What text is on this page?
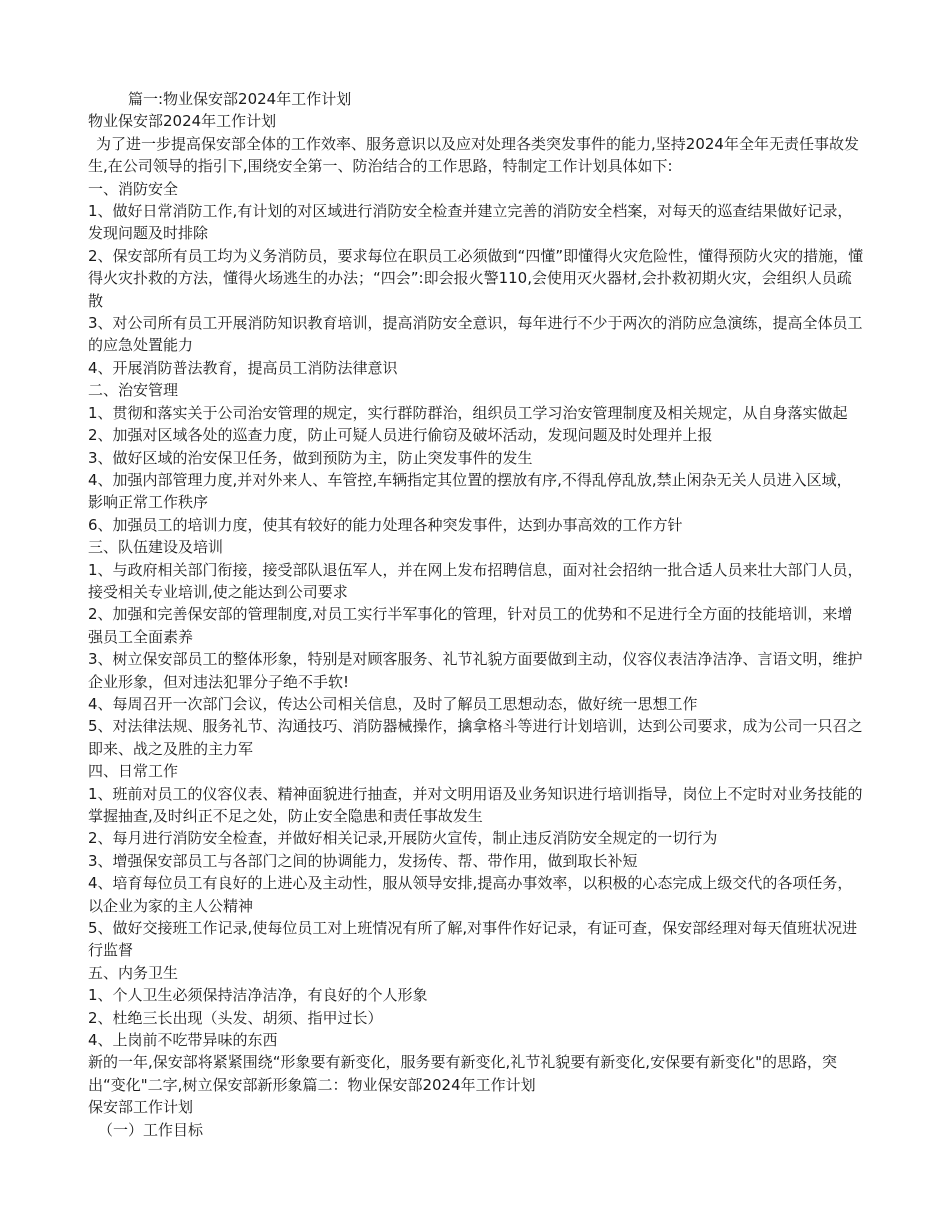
篇一:物业保安部2024年工作计划

物业保安部2024年工作计划

为了进一步提高保安部全体的工作效率、服务意识以及应对处理各类突发事件的能力,坚持2024年全年无责任事故发生,在公司领导的指引下,围绕安全第一、防治结合的工作思路，特制定工作计划具体如下:

一、消防安全

1、做好日常消防工作,有计划的对区域进行消防安全检查并建立完善的消防安全档案，对每天的巡查结果做好记录，发现问题及时排除

2、保安部所有员工均为义务消防员，要求每位在职员工必须做到“四懂”即懂得火灾危险性，懂得预防火灾的措施，懂得火灾扑救的方法，懂得火场逃生的办法；“四会”:即会报火警110,会使用灭火器材,会扑救初期火灾，会组织人员疏散

3、对公司所有员工开展消防知识教育培训，提高消防安全意识，每年进行不少于两次的消防应急演练，提高全体员工的应急处置能力

4、开展消防普法教育，提高员工消防法律意识

二、治安管理

1、贯彻和落实关于公司治安管理的规定，实行群防群治，组织员工学习治安管理制度及相关规定，从自身落实做起2、加强对区域各处的巡查力度，防止可疑人员进行偷窃及破坏活动，发现问题及时处理并上报

3、做好区域的治安保卫任务，做到预防为主，防止突发事件的发生

4、加强内部管理力度,并对外来人、车管控,车辆指定其位置的摆放有序,不得乱停乱放,禁止闲杂无关人员进入区域，影响正常工作秩序

6、加强员工的培训力度，使其有较好的能力处理各种突发事件，达到办事高效的工作方针

三、队伍建设及培训

1、与政府相关部门衔接，接受部队退伍军人，并在网上发布招聘信息，面对社会招纳一批合适人员来壮大部门人员，接受相关专业培训,使之能达到公司要求

2、加强和完善保安部的管理制度,对员工实行半军事化的管理，针对员工的优势和不足进行全方面的技能培训，来增强员工全面素养

3、树立保安部员工的整体形象，特别是对顾客服务、礼节礼貌方面要做到主动，仪容仪表洁净洁净、言语文明，维护企业形象，但对违法犯罪分子绝不手软!

4、每周召开一次部门会议，传达公司相关信息，及时了解员工思想动态，做好统一思想工作

5、对法律法规、服务礼节、沟通技巧、消防器械操作，擒拿格斗等进行计划培训，达到公司要求，成为公司一只召之即来、战之及胜的主力军

四、日常工作

1、班前对员工的仪容仪表、精神面貌进行抽查，并对文明用语及业务知识进行培训指导，岗位上不定时对业务技能的掌握抽查,及时纠正不足之处，防止安全隐患和责任事故发生

2、每月进行消防安全检查，并做好相关记录,开展防火宣传，制止违反消防安全规定的一切行为

3、增强保安部员工与各部门之间的协调能力，发扬传、帮、带作用，做到取长补短

4、培育每位员工有良好的上进心及主动性，服从领导安排,提高办事效率，以积极的心态完成上级交代的各项任务，以企业为家的主人公精神

5、做好交接班工作记录,使每位员工对上班情况有所了解,对事件作好记录，有证可查，保安部经理对每天值班状况进行监督

五、内务卫生

1、个人卫生必须保持洁净洁净，有良好的个人形象

2、杜绝三长出现（头发、胡须、指甲过长）

4、上岗前不吃带异味的东西

新的一年,保安部将紧紧围绕“形象要有新变化，服务要有新变化,礼节礼貌要有新变化,安保要有新变化"的思路，突出“变化"二字,树立保安部新形象篇二：物业保安部2024年工作计划

保安部工作计划

（一）工作目标
